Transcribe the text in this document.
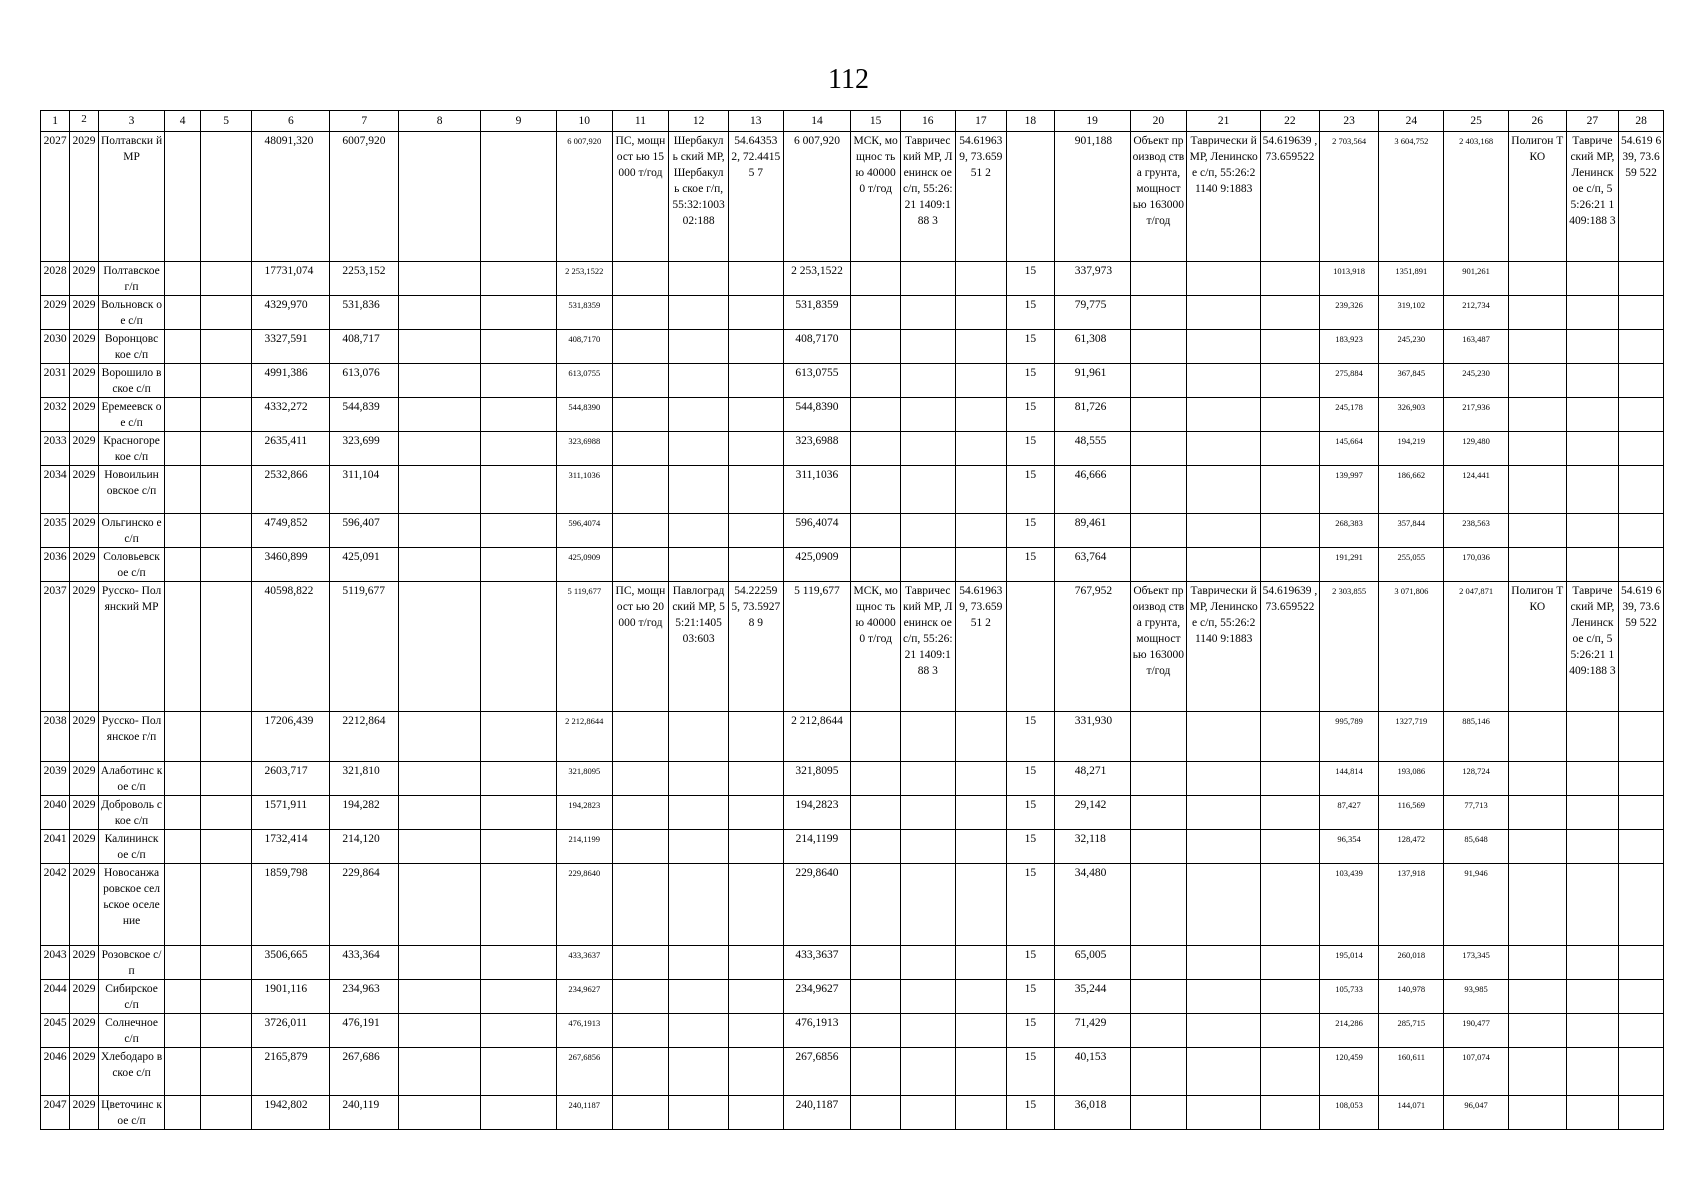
112
1	2	3	4	5	6	7	8	9	10	11	12	13	14	15	16	17	18	19	20	21	22	23	24	25	26	27	28
2027	2029	Полтавски й МР			48091,320	6007,920			6 007,920	ПС, мощност ью 15000 т/год	Шербакуль ский МР, Шербакуль ское г/п, 55:32:1003 02:188	54.64353 2, 72.44155 7	6 007,920	МСК, мощнос тью 400000 т/год	Тавричес кий МР, Ленинск ое с/п, 55:26:21 1409:188 3	54.61963 9, 73.65951 2		901,188	Объект производ ства грунта, мощност ью 163000 т/год	Таврически й МР, Ленинское с/п, 55:26:21140 9:1883	54.619639 , 73.659522	2 703,564	3 604,752	2 403,168	Полигон ТКО	Тавриче ский МР, Ленинск ое с/п, 55:26:21 1409:188 3	54.619 639, 73.659 522
2028	2029	Полтавское г/п			17731,074	2253,152			2 253,1522				2 253,1522				15	337,973				1013,918	1351,891	901,261			
2029	2029	Вольновск ое с/п			4329,970	531,836			531,8359				531,8359				15	79,775				239,326	319,102	212,734			
2030	2029	Воронцовс кое с/п			3327,591	408,717			408,7170				408,7170				15	61,308				183,923	245,230	163,487			
2031	2029	Ворошило вское с/п			4991,386	613,076			613,0755				613,0755				15	91,961				275,884	367,845	245,230			
2032	2029	Еремеевск ое с/п			4332,272	544,839			544,8390				544,8390				15	81,726				245,178	326,903	217,936			
2033	2029	Красногоре кое с/п			2635,411	323,699			323,6988				323,6988				15	48,555				145,664	194,219	129,480			
2034	2029	Новоильин овское с/п			2532,866	311,104			311,1036				311,1036				15	46,666				139,997	186,662	124,441			
2035	2029	Ольгинско е с/п			4749,852	596,407			596,4074				596,4074				15	89,461				268,383	357,844	238,563			
2036	2029	Соловьевск ое с/п			3460,899	425,091			425,0909				425,0909				15	63,764				191,291	255,055	170,036			
2037	2029	Русско- Полянский МР			40598,822	5119,677			5 119,677	ПС, мощност ью 20000 т/год	Павлоград ский МР, 55:21:1405 03:603	54.22259 5, 73.59278 9	5 119,677	МСК, мощнос тью 400000 т/год	Тавричес кий МР, Ленинск ое с/п, 55:26:21 1409:188 3	54.61963 9, 73.65951 2		767,952	Объект производ ства грунта, мощност ью 163000 т/год	Таврически й МР, Ленинское с/п, 55:26:21140 9:1883	54.619639 , 73.659522	2 303,855	3 071,806	2 047,871	Полигон ТКО	Тавриче ский МР, Ленинск ое с/п, 55:26:21 1409:188 3	54.619 639, 73.659 522
2038	2029	Русско- Полянское г/п			17206,439	2212,864			2 212,8644				2 212,8644				15	331,930				995,789	1327,719	885,146			
2039	2029	Алаботинс кое с/п			2603,717	321,810			321,8095				321,8095				15	48,271				144,814	193,086	128,724			
2040	2029	Доброволь ское с/п			1571,911	194,282			194,2823				194,2823				15	29,142				87,427	116,569	77,713			
2041	2029	Калининск ое с/п			1732,414	214,120			214,1199				214,1199				15	32,118				96,354	128,472	85,648			
2042	2029	Новосанжа ровское сельское оселение			1859,798	229,864			229,8640				229,8640				15	34,480				103,439	137,918	91,946			
2043	2029	Розовское с/п			3506,665	433,364			433,3637				433,3637				15	65,005				195,014	260,018	173,345			
2044	2029	Сибирское с/п			1901,116	234,963			234,9627				234,9627				15	35,244				105,733	140,978	93,985			
2045	2029	Солнечное с/п			3726,011	476,191			476,1913				476,1913				15	71,429				214,286	285,715	190,477			
2046	2029	Хлебодаро вское с/п			2165,879	267,686			267,6856				267,6856				15	40,153				120,459	160,611	107,074			
2047	2029	Цветочинс кое с/п			1942,802	240,119			240,1187				240,1187				15	36,018				108,053	144,071	96,047			
